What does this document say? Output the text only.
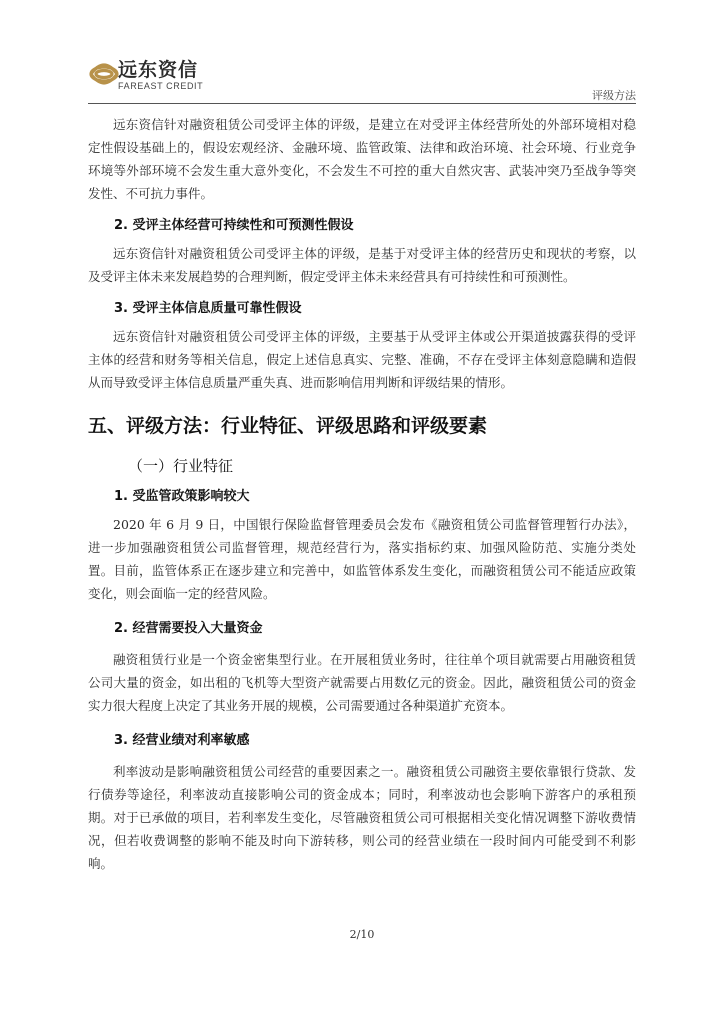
远东资信
FAREAST CREDIT
评级方法

远东资信针对融资租赁公司受评主体的评级，是建立在对受评主体经营所处的外部环境相对稳定性假设基础上的，假设宏观经济、金融环境、监管政策、法律和政治环境、社会环境、行业竞争环境等外部环境不会发生重大意外变化，不会发生不可控的重大自然灾害、武装冲突乃至战争等突发性、不可抗力事件。

2. 受评主体经营可持续性和可预测性假设

远东资信针对融资租赁公司受评主体的评级，是基于对受评主体的经营历史和现状的考察，以及受评主体未来发展趋势的合理判断，假定受评主体未来经营具有可持续性和可预测性。

3. 受评主体信息质量可靠性假设

远东资信针对融资租赁公司受评主体的评级，主要基于从受评主体或公开渠道披露获得的受评主体的经营和财务等相关信息，假定上述信息真实、完整、准确，不存在受评主体刻意隐瞒和造假从而导致受评主体信息质量严重失真、进而影响信用判断和评级结果的情形。

五、评级方法：行业特征、评级思路和评级要素
（一）行业特征
1. 受监管政策影响较大

2020 年 6 月 9 日，中国银行保险监督管理委员会发布《融资租赁公司监督管理暂行办法》，进一步加强融资租赁公司监督管理，规范经营行为，落实指标约束、加强风险防范、实施分类处置。目前，监管体系正在逐步建立和完善中，如监管体系发生变化，而融资租赁公司不能适应政策变化，则会面临一定的经营风险。

2. 经营需要投入大量资金

融资租赁行业是一个资金密集型行业。在开展租赁业务时，往往单个项目就需要占用融资租赁公司大量的资金，如出租的飞机等大型资产就需要占用数亿元的资金。因此，融资租赁公司的资金实力很大程度上决定了其业务开展的规模，公司需要通过各种渠道扩充资本。

3. 经营业绩对利率敏感

利率波动是影响融资租赁公司经营的重要因素之一。融资租赁公司融资主要依靠银行贷款、发行债券等途径，利率波动直接影响公司的资金成本；同时，利率波动也会影响下游客户的承租预期。对于已承做的项目，若利率发生变化，尽管融资租赁公司可根据相关变化情况调整下游收费情况，但若收费调整的影响不能及时向下游转移，则公司的经营业绩在一段时间内可能受到不利影响。

2/10
